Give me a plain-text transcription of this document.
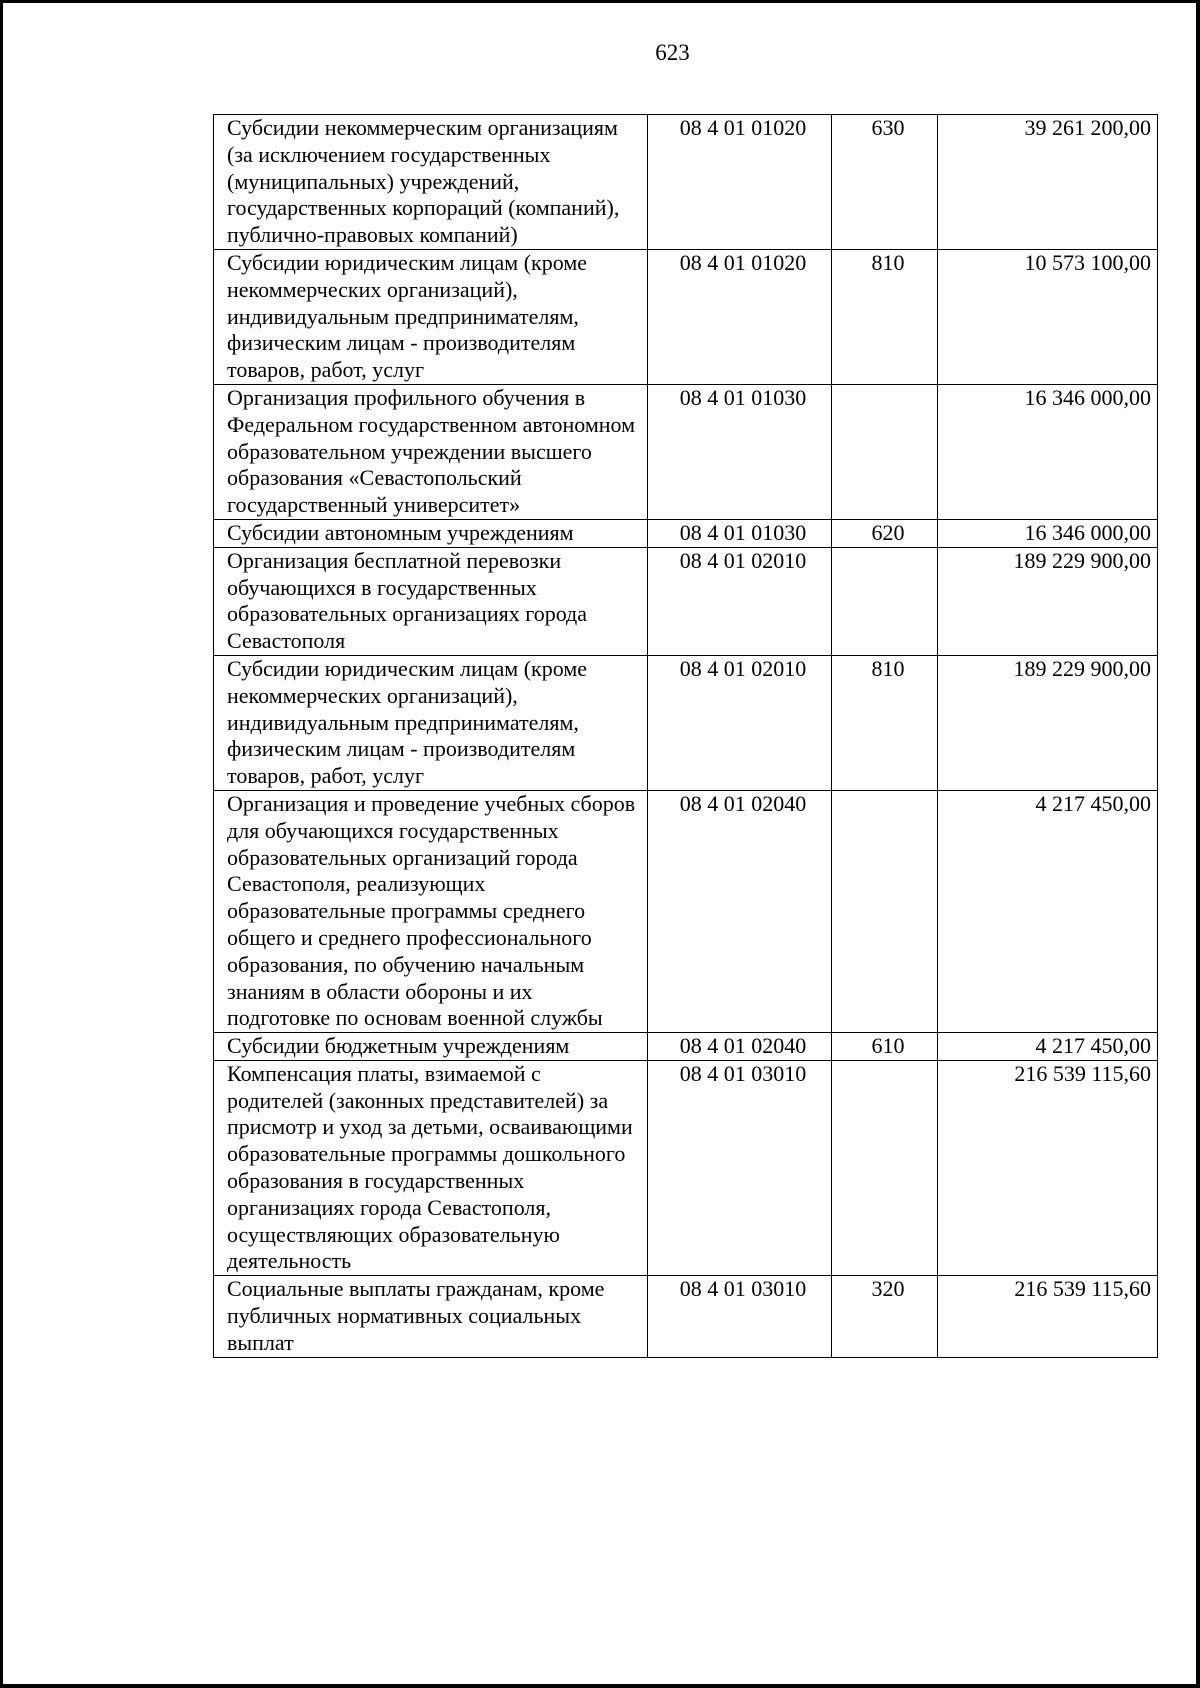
623
Субсидии некоммерческим организациям (за исключением государственных (муниципальных) учреждений, государственных корпораций (компаний), публично-правовых компаний)	08 4 01 01020	630	39 261 200,00
Субсидии юридическим лицам (кроме некоммерческих организаций), индивидуальным предпринимателям, физическим лицам - производителям товаров, работ, услуг	08 4 01 01020	810	10 573 100,00
Организация профильного обучения в Федеральном государственном автономном образовательном учреждении высшего образования «Севастопольский государственный университет»	08 4 01 01030		16 346 000,00
Субсидии автономным учреждениям	08 4 01 01030	620	16 346 000,00
Организация бесплатной перевозки обучающихся в государственных образовательных организациях города Севастополя	08 4 01 02010		189 229 900,00
Субсидии юридическим лицам (кроме некоммерческих организаций), индивидуальным предпринимателям, физическим лицам - производителям товаров, работ, услуг	08 4 01 02010	810	189 229 900,00
Организация и проведение учебных сборов для обучающихся государственных образовательных организаций города Севастополя, реализующих образовательные программы среднего общего и среднего профессионального образования, по обучению начальным знаниям в области обороны и их подготовке по основам военной службы	08 4 01 02040		4 217 450,00
Субсидии бюджетным учреждениям	08 4 01 02040	610	4 217 450,00
Компенсация платы, взимаемой с родителей (законных представителей) за присмотр и уход за детьми, осваивающими образовательные программы дошкольного образования в государственных организациях города Севастополя, осуществляющих образовательную деятельность	08 4 01 03010		216 539 115,60
Социальные выплаты гражданам, кроме публичных нормативных социальных выплат	08 4 01 03010	320	216 539 115,60
